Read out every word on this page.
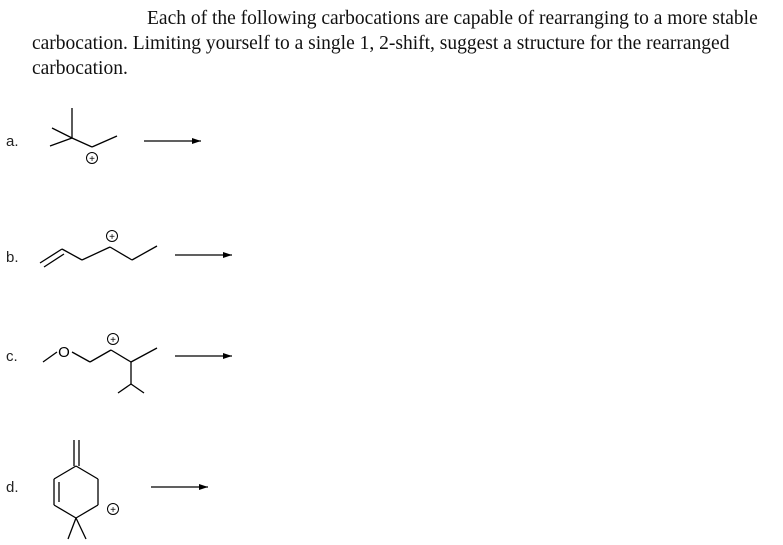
Each of the following carbocations are capable of rearranging to a more stable carbocation. Limiting yourself to a single 1, 2-shift, suggest a structure for the rearranged carbocation.

a.
b.
c.
d.
+
+
O
+
+
